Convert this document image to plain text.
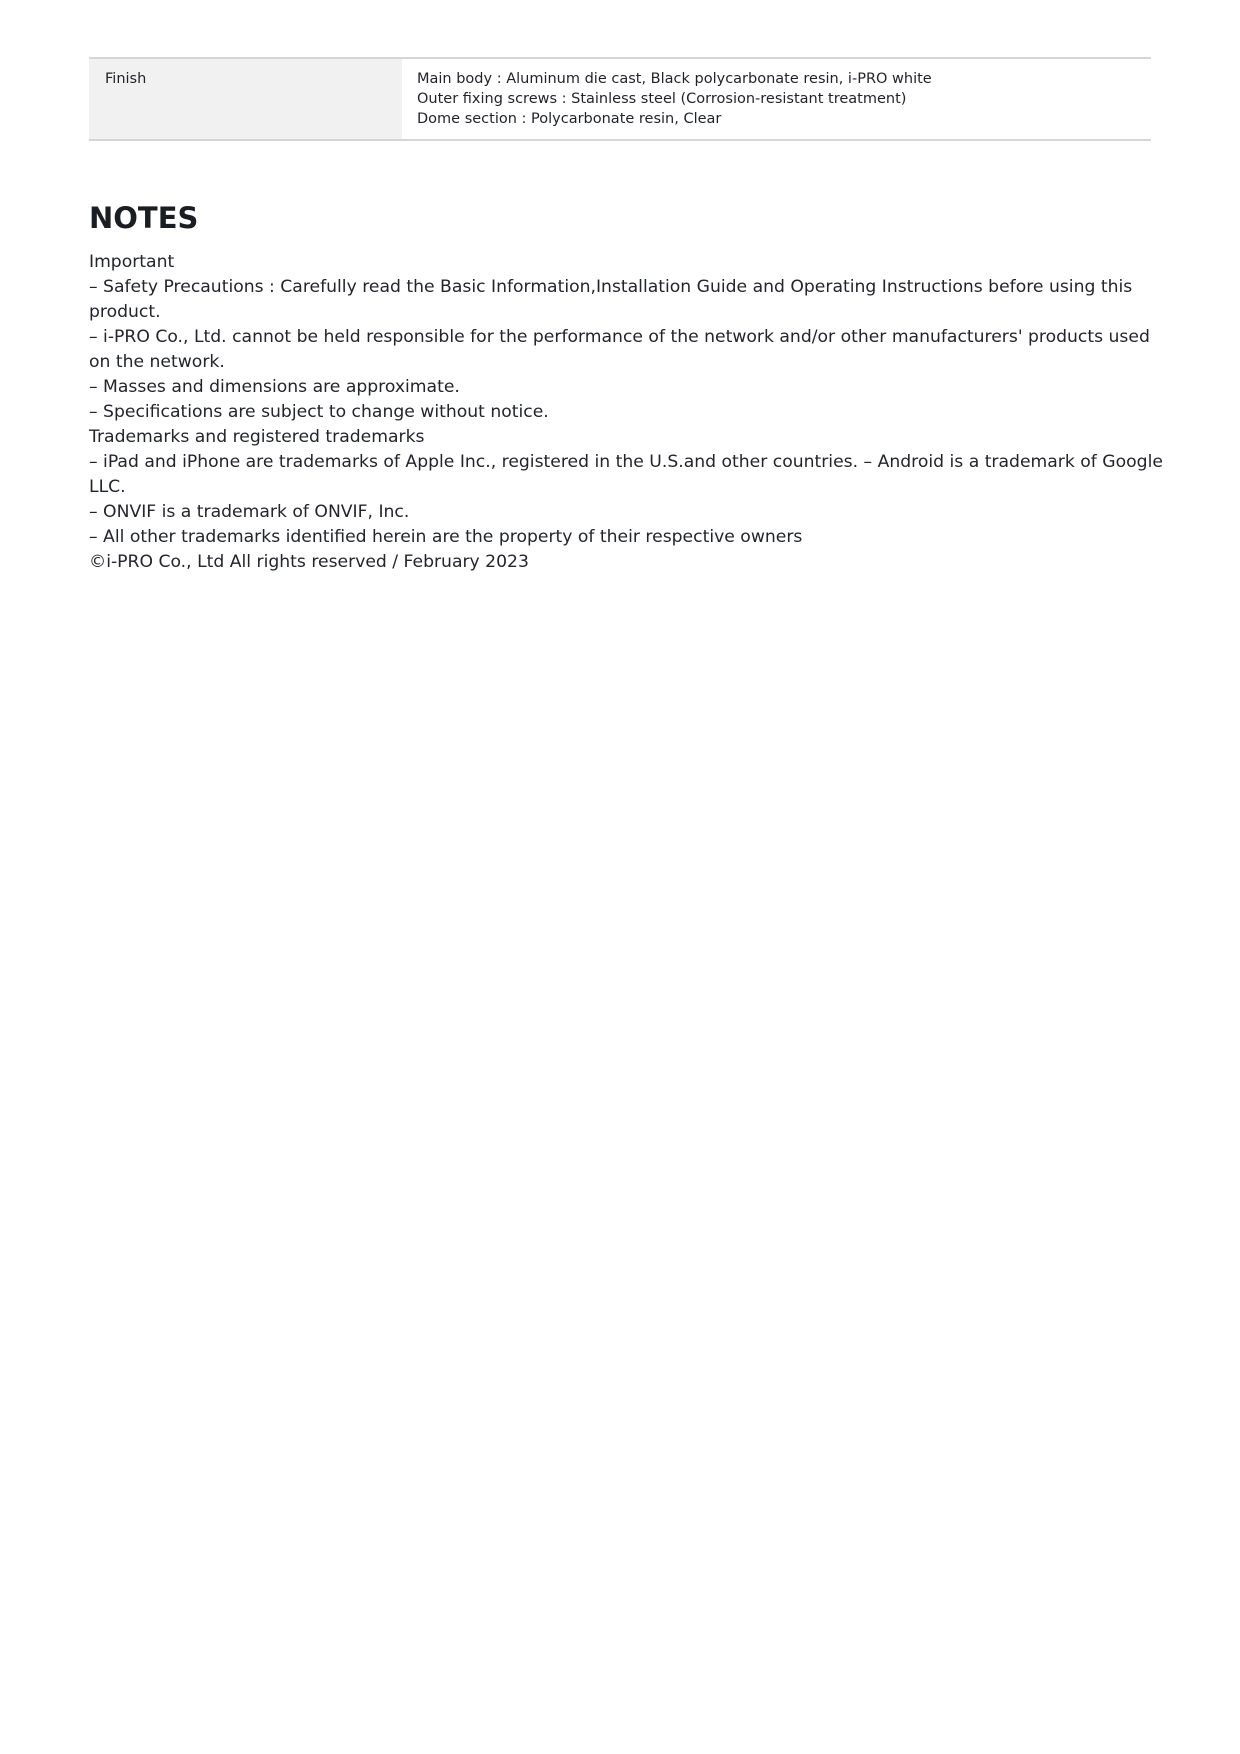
Finish	Main body : Aluminum die cast, Black polycarbonate resin, i-PRO white
Outer fixing screws : Stainless steel (Corrosion-resistant treatment)
Dome section : Polycarbonate resin, Clear
NOTES
Important
– Safety Precautions : Carefully read the Basic Information,Installation Guide and Operating Instructions before using this product.
– i-PRO Co., Ltd. cannot be held responsible for the performance of the network and/or other manufacturers' products used on the network.
– Masses and dimensions are approximate.
– Specifications are subject to change without notice.
Trademarks and registered trademarks
– iPad and iPhone are trademarks of Apple Inc., registered in the U.S.and other countries. – Android is a trademark of Google LLC.
– ONVIF is a trademark of ONVIF, Inc.
– All other trademarks identified herein are the property of their respective owners
©i-PRO Co., Ltd All rights reserved / February 2023
